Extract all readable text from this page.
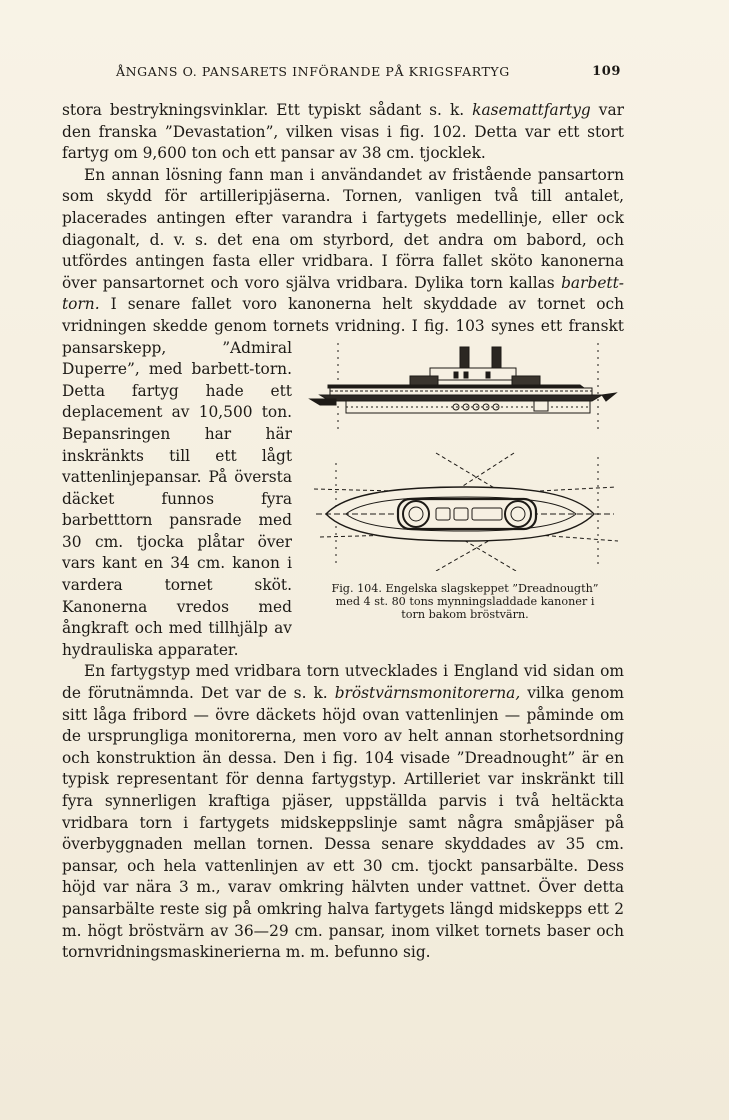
ÅNGANS O. PANSARETS INFÖRANDE PÅ KRIGSFARTYG	109

stora bestrykningsvinklar. Ett typiskt sådant s. k. kasemattfartyg var den franska ”Devastation”, vilken visas i fig. 102. Detta var ett stort fartyg om 9,600 ton och ett pansar av 38 cm. tjocklek.

En annan lösning fann man i användandet av fristående pansartorn som skydd för artilleripjäserna. Tornen, vanligen två till antalet, placerades antingen efter varandra i fartygets medellinje, eller ock diagonalt, d. v. s. det ena om styrbord, det andra om babord, och utfördes antingen fasta eller vridbara. I förra fallet sköto kanonerna över pansartornet och voro själva vridbara. Dylika torn kallas barbett-torn. I senare fallet voro kanonerna helt skyddade av tornet och vridningen skedde genom tornets vridning. I fig. 103 synes ett franskt pansarskepp, ”Admiral Duperre”, med barbett-torn. Detta fartyg hade ett deplacement av 10,500 ton. Bepansringen har här inskränkts till ett lågt vattenlinjepansar. På översta däcket funnos fyra barbetttorn pansrade med 30 cm. tjocka plåtar över vars kant en 34 cm. kanon i vardera tornet sköt. Kanonerna vredos med ångkraft och med tillhjälp av hydrauliska apparater.

En fartygstyp med vridbara torn utvecklades i England vid sidan om de förutnämnda. Det var de s. k. bröstvärnsmonitorerna, vilka genom sitt låga fribord — övre däckets höjd ovan vattenlinjen — påminde om de ursprungliga monitorerna, men voro av helt annan storhetsordning och konstruktion än dessa. Den i fig. 104 visade ”Dreadnought” är en typisk representant för denna fartygstyp. Artilleriet var inskränkt till fyra synnerligen kraftiga pjäser, uppställda parvis i två heltäckta vridbara torn i fartygets midskeppslinje samt några småpjäser på överbyggnaden mellan tornen. Dessa senare skyddades av 35 cm. pansar, och hela vattenlinjen av ett 30 cm. tjockt pansarbälte. Dess höjd var nära 3 m., varav omkring hälvten under vattnet. Över detta pansarbälte reste sig på omkring halva fartygets längd midskepps ett 2 m. högt bröstvärn av 36—29 cm. pansar, inom vilket tornets baser och tornvridningsmaskinerierna m. m. befunno sig.

Fig. 104. Engelska slagskeppet ”Dreadnougth”
med 4 st. 80 tons mynningsladdade kanoner i
torn bakom bröstvärn.
